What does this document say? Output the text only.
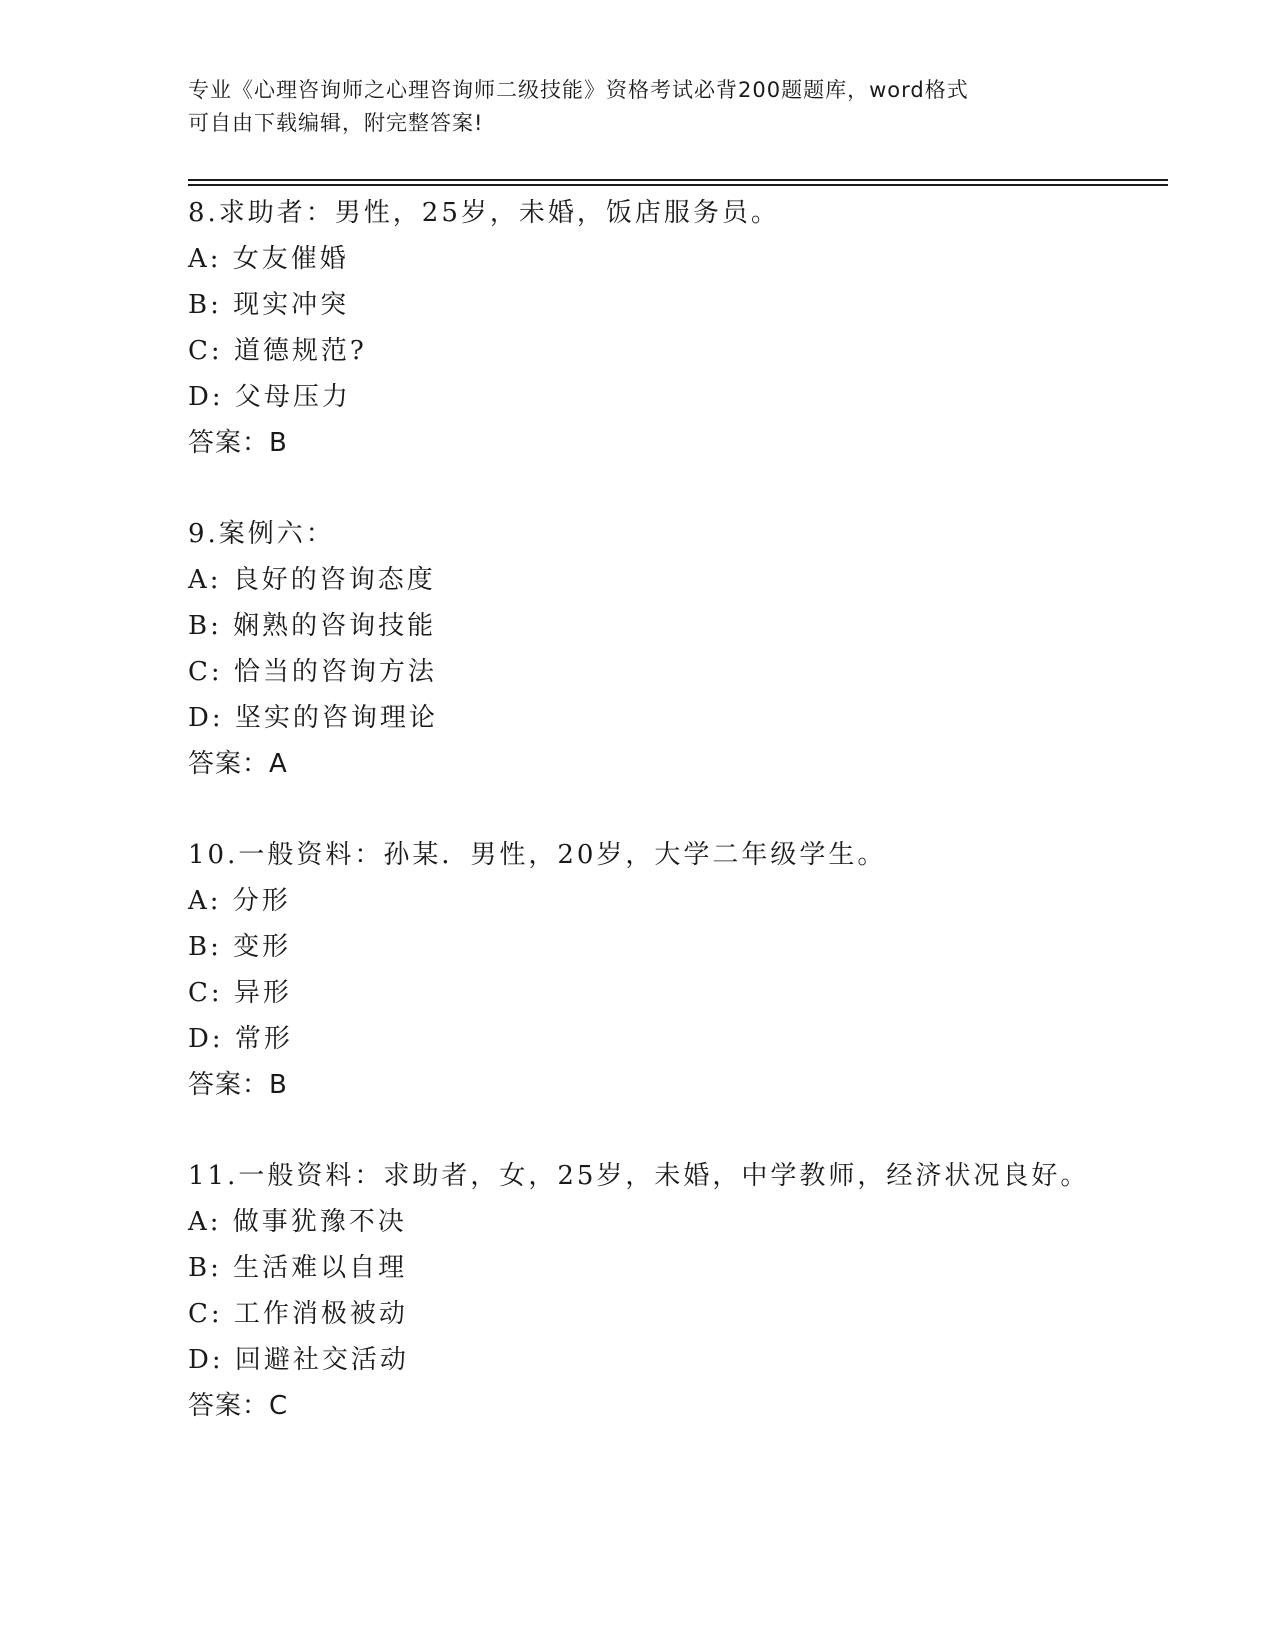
专业《心理咨询师之心理咨询师二级技能》资格考试必背200题题库，word格式
可自由下载编辑，附完整答案!
8.求助者：男性，25岁，未婚，饭店服务员。
A: 女友催婚
B: 现实冲突
C: 道德规范?
D: 父母压力
答案：B
9.案例六：
A: 良好的咨询态度
B: 娴熟的咨询技能
C: 恰当的咨询方法
D: 坚实的咨询理论
答案：A
10.一般资料：孙某．男性，20岁，大学二年级学生。
A: 分形
B: 变形
C: 异形
D: 常形
答案：B
11.一般资料：求助者，女，25岁，未婚，中学教师，经济状况良好。
A: 做事犹豫不决
B: 生活难以自理
C: 工作消极被动
D: 回避社交活动
答案：C
